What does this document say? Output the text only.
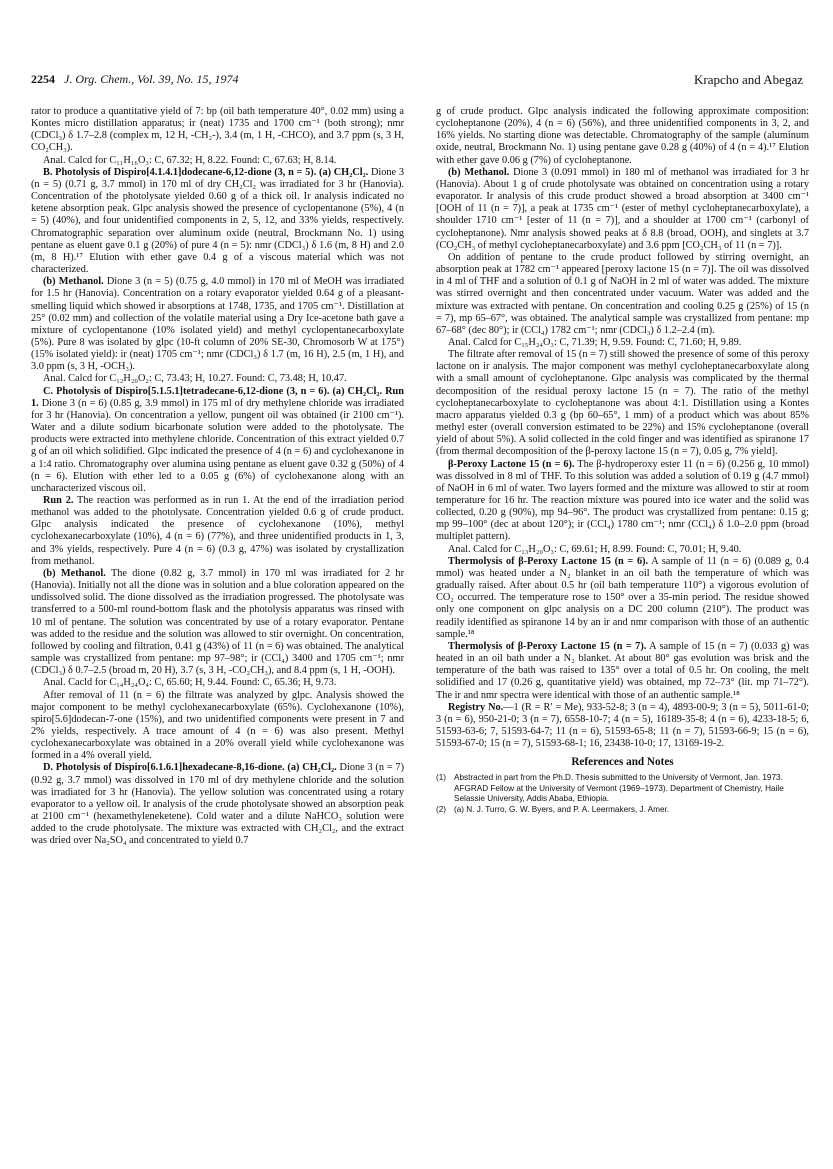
2254 J. Org. Chem., Vol. 39, No. 15, 1974	Krapcho and Abegaz

rator to produce a quantitative yield of 7: bp (oil bath temperature 40°, 0.02 mm) using a Kontes micro distillation apparatus; ir (neat) 1735 and 1700 cm⁻¹ (both strong); nmr (CDCl₃) δ 1.7–2.8 (complex m, 12 H, -CH₂-), 3.4 (m, 1 H, -CHCO), and 3.7 ppm (s, 3 H, CO₂CH₃).

Anal. Calcd for C₁₁H₁₆O₃: C, 67.32; H, 8.22. Found: C, 67.63; H, 8.14.

B. Photolysis of Dispiro[4.1.4.1]dodecane-6,12-dione (3, n = 5). (a) CH₂Cl₂. Dione 3 (n = 5) (0.71 g, 3.7 mmol) in 170 ml of dry CH₂Cl₂ was irradiated for 3 hr (Hanovia). Concentration of the photolysate yielded 0.60 g of a thick oil. Ir analysis indicated no ketene absorption peak. Glpc analysis showed the presence of cyclopentanone (5%), 4 (n = 5) (40%), and four unidentified components in 2, 5, 12, and 33% yields, respectively. Chromatographic separation over aluminum oxide (neutral, Brockmann No. 1) using pentane as eluent gave 0.1 g (20%) of pure 4 (n = 5): nmr (CDCl₃) δ 1.6 (m, 8 H) and 2.0 (m, 8 H).¹⁷ Elution with ether gave 0.4 g of a viscous material which was not characterized.

(b) Methanol. Dione 3 (n = 5) (0.75 g, 4.0 mmol) in 170 ml of MeOH was irradiated for 1.5 hr (Hanovia). Concentration on a rotary evaporator yielded 0.64 g of a pleasant-smelling liquid which showed ir absorptions at 1748, 1735, and 1705 cm⁻¹. Distillation at 25° (0.02 mm) and collection of the volatile material using a Dry Ice-acetone bath gave a mixture of cyclopentanone (10% isolated yield) and methyl cyclopentanecarboxylate (5%). Pure 8 was isolated by glpc (10-ft column of 20% SE-30, Chromosorb W at 175°) (15% isolated yield): ir (neat) 1705 cm⁻¹; nmr (CDCl₃) δ 1.7 (m, 16 H), 2.5 (m, 1 H), and 3.0 ppm (s, 3 H, -OCH₃).

Anal. Calcd for C₁₂H₂₀O₂: C, 73.43; H, 10.27. Found: C, 73.48; H, 10.47.

C. Photolysis of Dispiro[5.1.5.1]tetradecane-6,12-dione (3, n = 6). (a) CH₂Cl₂. Run 1. Dione 3 (n = 6) (0.85 g, 3.9 mmol) in 175 ml of dry methylene chloride was irradiated for 3 hr (Hanovia). On concentration a yellow, pungent oil was obtained (ir 2100 cm⁻¹). Water and a dilute sodium bicarbonate solution were added to the photolysate. The products were extracted into methylene chloride. Concentration of this extract yielded 0.7 g of an oil which solidified. Glpc indicated the presence of 4 (n = 6) and cyclohexanone in a 1:4 ratio. Chromatography over alumina using pentane as eluent gave 0.32 g (50%) of 4 (n = 6). Elution with ether led to a 0.05 g (6%) of cyclohexanone along with an uncharacterized viscous oil.

Run 2. The reaction was performed as in run 1. At the end of the irradiation period methanol was added to the photolysate. Concentration yielded 0.6 g of crude product. Glpc analysis indicated the presence of cyclohexanone (10%), methyl cyclohexanecarboxylate (10%), 4 (n = 6) (77%), and three unidentified products in 1, 3, and 3% yields, respectively. Pure 4 (n = 6) (0.3 g, 47%) was isolated by crystallization from methanol.

(b) Methanol. The dione (0.82 g, 3.7 mmol) in 170 ml was irradiated for 2 hr (Hanovia). Initially not all the dione was in solution and a blue coloration appeared on the undissolved solid. The dione dissolved as the irradiation progressed. The photolysate was transferred to a 500-ml round-bottom flask and the photolysis apparatus was rinsed with 10 ml of pentane. The solution was concentrated by use of a rotary evaporator. Pentane was added to the residue and the solution was allowed to stir overnight. On concentration, followed by cooling and filtration, 0.41 g (43%) of 11 (n = 6) was obtained. The analytical sample was crystallized from pentane: mp 97–98°; ir (CCl₄) 3400 and 1705 cm⁻¹; nmr (CDCl₃) δ 0.7–2.5 (broad m, 20 H), 3.7 (s, 3 H, -CO₂CH₃), and 8.4 ppm (s, 1 H, -OOH).

Anal. Cacld for C₁₄H₂₄O₄: C, 65.60; H, 9.44. Found: C, 65.36; H, 9.73.

After removal of 11 (n = 6) the filtrate was analyzed by glpc. Analysis showed the major component to be methyl cyclohexanecarboxylate (65%). Cyclohexanone (10%), spiro[5.6]dodecan-7-one (15%), and two unidentified components were present in 7 and 2% yields, respectively. A trace amount of 4 (n = 6) was also present. Methyl cyclohexanecarboxylate was obtained in a 20% overall yield while cyclohexanone was formed in a 4% overall yield.

D. Photolysis of Dispiro[6.1.6.1]hexadecane-8,16-dione. (a) CH₂Cl₂. Dione 3 (n = 7) (0.92 g, 3.7 mmol) was dissolved in 170 ml of dry methylene chloride and the solution was irradiated for 3 hr (Hanovia). The yellow solution was concentrated using a rotary evaporator to a yellow oil. Ir analysis of the crude photolysate showed an absorption peak at 2100 cm⁻¹ (hexamethyleneketene). Cold water and a dilute NaHCO₃ solution were added to the crude photolysate. The mixture was extracted with CH₂Cl₂, and the extract was dried over Na₂SO₄ and concentrated to yield 0.7

g of crude product. Glpc analysis indicated the following approximate composition: cycloheptanone (20%), 4 (n = 6) (56%), and three unidentified components in 3, 2, and 16% yields. No starting dione was detectable. Chromatography of the sample (aluminum oxide, neutral, Brockmann No. 1) using pentane gave 0.28 g (40%) of 4 (n = 4).¹⁷ Elution with ether gave 0.06 g (7%) of cycloheptanone.

(b) Methanol. Dione 3 (0.091 mmol) in 180 ml of methanol was irradiated for 3 hr (Hanovia). About 1 g of crude photolysate was obtained on concentration using a rotary evaporator. Ir analysis of this crude product showed a broad absorption at 3400 cm⁻¹ [OOH of 11 (n = 7)], a peak at 1735 cm⁻¹ (ester of methyl cycloheptanecarboxylate), a shoulder 1710 cm⁻¹ [ester of 11 (n = 7)], and a shoulder at 1700 cm⁻¹ (carbonyl of cycloheptanone). Nmr analysis showed peaks at δ 8.8 (broad, OOH), and singlets at 3.7 (CO₂CH₃ of methyl cycloheptanecarboxylate) and 3.6 ppm [CO₂CH₃ of 11 (n = 7)].

On addition of pentane to the crude product followed by stirring overnight, an absorption peak at 1782 cm⁻¹ appeared [peroxy lactone 15 (n = 7)]. The oil was dissolved in 4 ml of THF and a solution of 0.1 g of NaOH in 2 ml of water was added. The mixture was stirred overnight and then concentrated under vacuum. Water was added and the mixture was extracted with pentane. On concentration and cooling 0.25 g (25%) of 15 (n = 7), mp 65–67°, was obtained. The analytical sample was crystallized from pentane: mp 67–68° (dec 80°); ir (CCl₄) 1782 cm⁻¹; nmr (CDCl₃) δ 1.2–2.4 (m).

Anal. Calcd for C₁₅H₂₄O₃: C, 71.39; H, 9.59. Found: C, 71.60; H, 9.89.

The filtrate after removal of 15 (n = 7) still showed the presence of some of this peroxy lactone on ir analysis. The major component was methyl cycloheptanecarboxylate along with a small amount of cycloheptanone. Glpc analysis was complicated by the thermal decomposition of the residual peroxy lactone 15 (n = 7). The ratio of the methyl cycloheptanecarboxylate to cycloheptanone was about 4:1. Distillation using a Kontes macro apparatus yielded 0.3 g (bp 60–65°, 1 mm) of a product which was about 85% methyl ester (overall conversion estimated to be 22%) and 15% cycloheptanone (overall yield of about 5%). A solid collected in the cold finger and was identified as spiranone 17 (from thermal decomposition of the β-peroxy lactone 15 (n = 7), 0.05 g, 7% yield].

β-Peroxy Lactone 15 (n = 6). The β-hydroperoxy ester 11 (n = 6) (0.256 g, 10 mmol) was dissolved in 8 ml of THF. To this solution was added a solution of 0.19 g (4.7 mmol) of NaOH in 6 ml of water. Two layers formed and the mixture was allowed to stir at room temperature for 16 hr. The reaction mixture was poured into ice water and the solid was collected, 0.20 g (90%), mp 94–96°. The product was crystallized from pentane: 0.15 g; mp 99–100° (dec at about 120°); ir (CCl₄) 1780 cm⁻¹; nmr (CCl₄) δ 1.0–2.0 ppm (broad multiplet pattern).

Anal. Calcd for C₁₃H₂₀O₃: C, 69.61; H, 8.99. Found: C, 70.01; H, 9.40.

Thermolysis of β-Peroxy Lactone 15 (n = 6). A sample of 11 (n = 6) (0.089 g, 0.4 mmol) was heated under a N₂ blanket in an oil bath the temperature of which was gradually raised. After about 0.5 hr (oil bath temperature 110°) a vigorous evolution of CO₂ occurred. The temperature rose to 150° over a 35-min period. The residue showed only one component on glpc analysis on a DC 200 column (210°). The product was readily identified as spiranone 14 by an ir and nmr comparison with those of an authentic sample.¹⁸

Thermolysis of β-Peroxy Lactone 15 (n = 7). A sample of 15 (n = 7) (0.033 g) was heated in an oil bath under a N₂ blanket. At about 80° gas evolution was brisk and the temperature of the bath was raised to 135° over a total of 0.5 hr. On cooling, the melt solidified and 17 (0.26 g, quantitative yield) was obtained, mp 72–73° (lit. mp 71–72°). The ir and nmr spectra were identical with those of an authentic sample.¹⁸

Registry No.—1 (R = R′ = Me), 933-52-8; 3 (n = 4), 4893-00-9; 3 (n = 5), 5011-61-0; 3 (n = 6), 950-21-0; 3 (n = 7), 6558-10-7; 4 (n = 5), 16189-35-8; 4 (n = 6), 4233-18-5; 6, 51593-63-6; 7, 51593-64-7; 11 (n = 6), 51593-65-8; 11 (n = 7), 51593-66-9; 15 (n = 6), 51593-67-0; 15 (n = 7), 51593-68-1; 16, 23438-10-0; 17, 13169-19-2.

References and Notes
(1) Abstracted in part from the Ph.D. Thesis submitted to the University of Vermont, Jan. 1973. AFGRAD Fellow at the University of Vermont (1969–1973). Department of Chemistry, Haile Selassie University, Addis Ababa, Ethiopia.
(2) (a) N. J. Turro, G. W. Byers, and P. A. Leermakers, J. Amer.
